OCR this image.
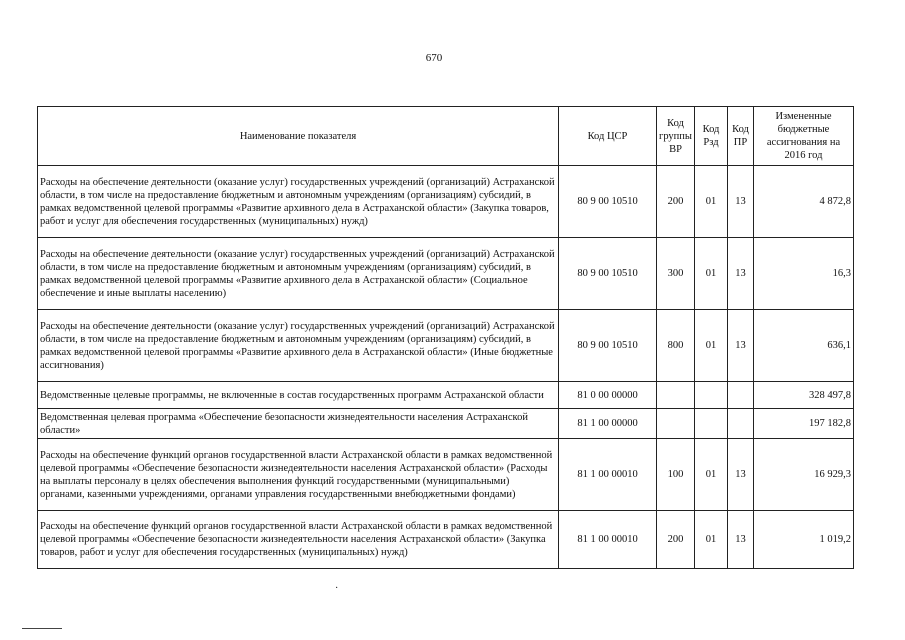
670
Наименование показателя	Код ЦСР	Код группы ВР	Код Рзд	Код ПР	Измененные бюджетные ассигнования на 2016 год
Расходы на обеспечение деятельности (оказание услуг) государственных учреждений (организаций) Астраханской области, в том числе на предоставление бюджетным и автономным учреждениям (организациям) субсидий, в рамках ведомственной целевой программы «Развитие архивного дела в Астраханской области» (Закупка товаров, работ и услуг для обеспечения государственных (муниципальных) нужд)	80 9 00 10510	200	01	13	4 872,8
Расходы на обеспечение деятельности (оказание услуг) государственных учреждений (организаций) Астраханской области, в том числе на предоставление бюджетным и автономным учреждениям (организациям) субсидий, в рамках ведомственной целевой программы «Развитие архивного дела в Астраханской области» (Социальное обеспечение и иные выплаты населению)	80 9 00 10510	300	01	13	16,3
Расходы на обеспечение деятельности (оказание услуг) государственных учреждений (организаций) Астраханской области, в том числе на предоставление бюджетным и автономным учреждениям (организациям) субсидий, в рамках ведомственной целевой программы «Развитие архивного дела в Астраханской области» (Иные бюджетные ассигнования)	80 9 00 10510	800	01	13	636,1
Ведомственные целевые программы, не включенные в состав государственных программ Астраханской области	81 0 00 00000				328 497,8
Ведомственная целевая программа «Обеспечение безопасности жизнедеятельности населения Астраханской области»	81 1 00 00000				197 182,8
Расходы на обеспечение функций органов государственной власти Астраханской области в рамках ведомственной целевой программы «Обеспечение безопасности жизнедеятельности населения Астраханской области» (Расходы на выплаты персоналу в целях обеспечения выполнения функций государственными (муниципальными) органами, казенными учреждениями, органами управления государственными внебюджетными фондами)	81 1 00 00010	100	01	13	16 929,3
Расходы на обеспечение функций органов государственной власти Астраханской области в рамках ведомственной целевой программы «Обеспечение безопасности жизнедеятельности населения Астраханской области» (Закупка товаров, работ и услуг для обеспечения государственных (муниципальных) нужд)	81 1 00 00010	200	01	13	1 019,2
·
